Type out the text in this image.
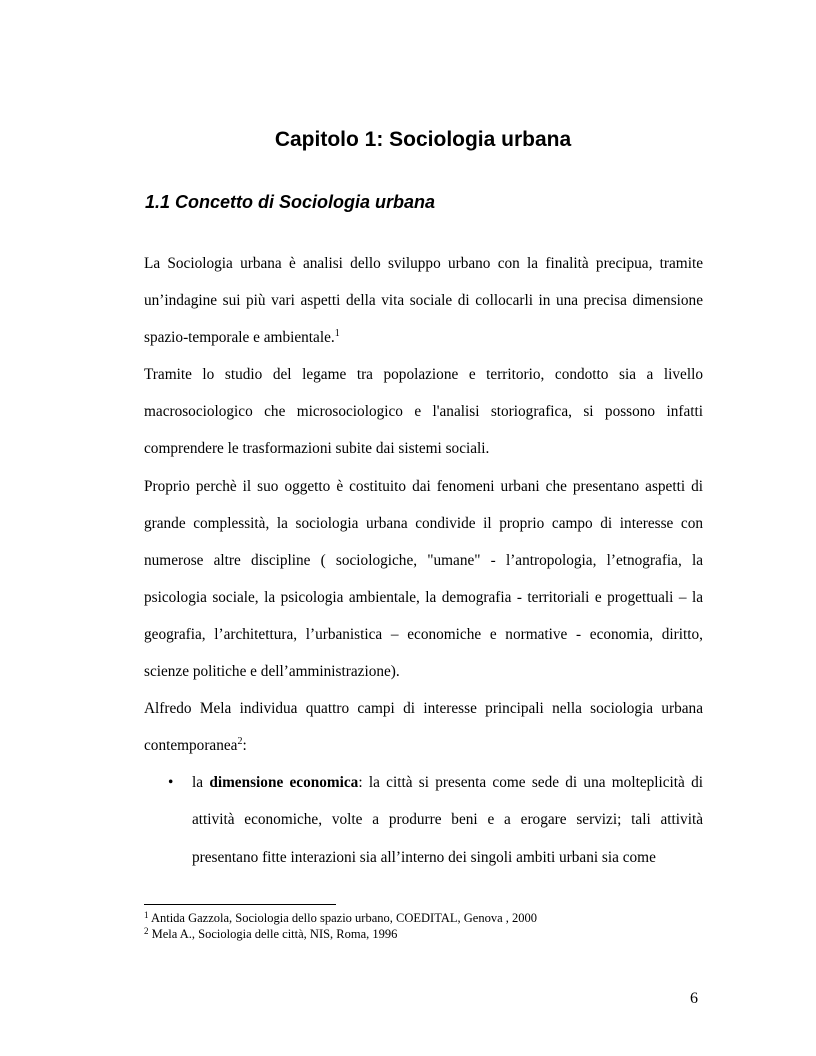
Capitolo 1: Sociologia urbana
1.1 Concetto di Sociologia urbana

La Sociologia urbana è analisi dello sviluppo urbano con la finalità precipua, tramite un’indagine sui più vari aspetti della vita sociale di collocarli in una precisa dimensione spazio-temporale e ambientale.$^1$

Tramite lo studio del legame tra popolazione e territorio, condotto sia a livello macrosociologico che microsociologico e l'analisi storiografica, si possono infatti comprendere le trasformazioni subite dai sistemi sociali.

Proprio perchè il suo oggetto è costituito dai fenomeni urbani che presentano aspetti di grande complessità, la sociologia urbana condivide il proprio campo di interesse con numerose altre discipline ( sociologiche, "umane" - l’antropologia, l’etnografia, la psicologia sociale, la psicologia ambientale, la demografia - territoriali e progettuali – la geografia, l’architettura, l’urbanistica – economiche e normative - economia, diritto, scienze politiche e dell’amministrazione).

Alfredo Mela individua quattro campi di interesse principali nella sociologia urbana contemporanea$^2$:

• la dimensione economica: la città si presenta come sede di una molteplicità di attività economiche, volte a produrre beni e a erogare servizi; tali attività presentano fitte interazioni sia all’interno dei singoli ambiti urbani sia come
$^1$ Antida Gazzola, Sociologia dello spazio urbano, COEDITAL, Genova , 2000
$^2$ Mela A., Sociologia delle città, NIS, Roma, 1996
6
